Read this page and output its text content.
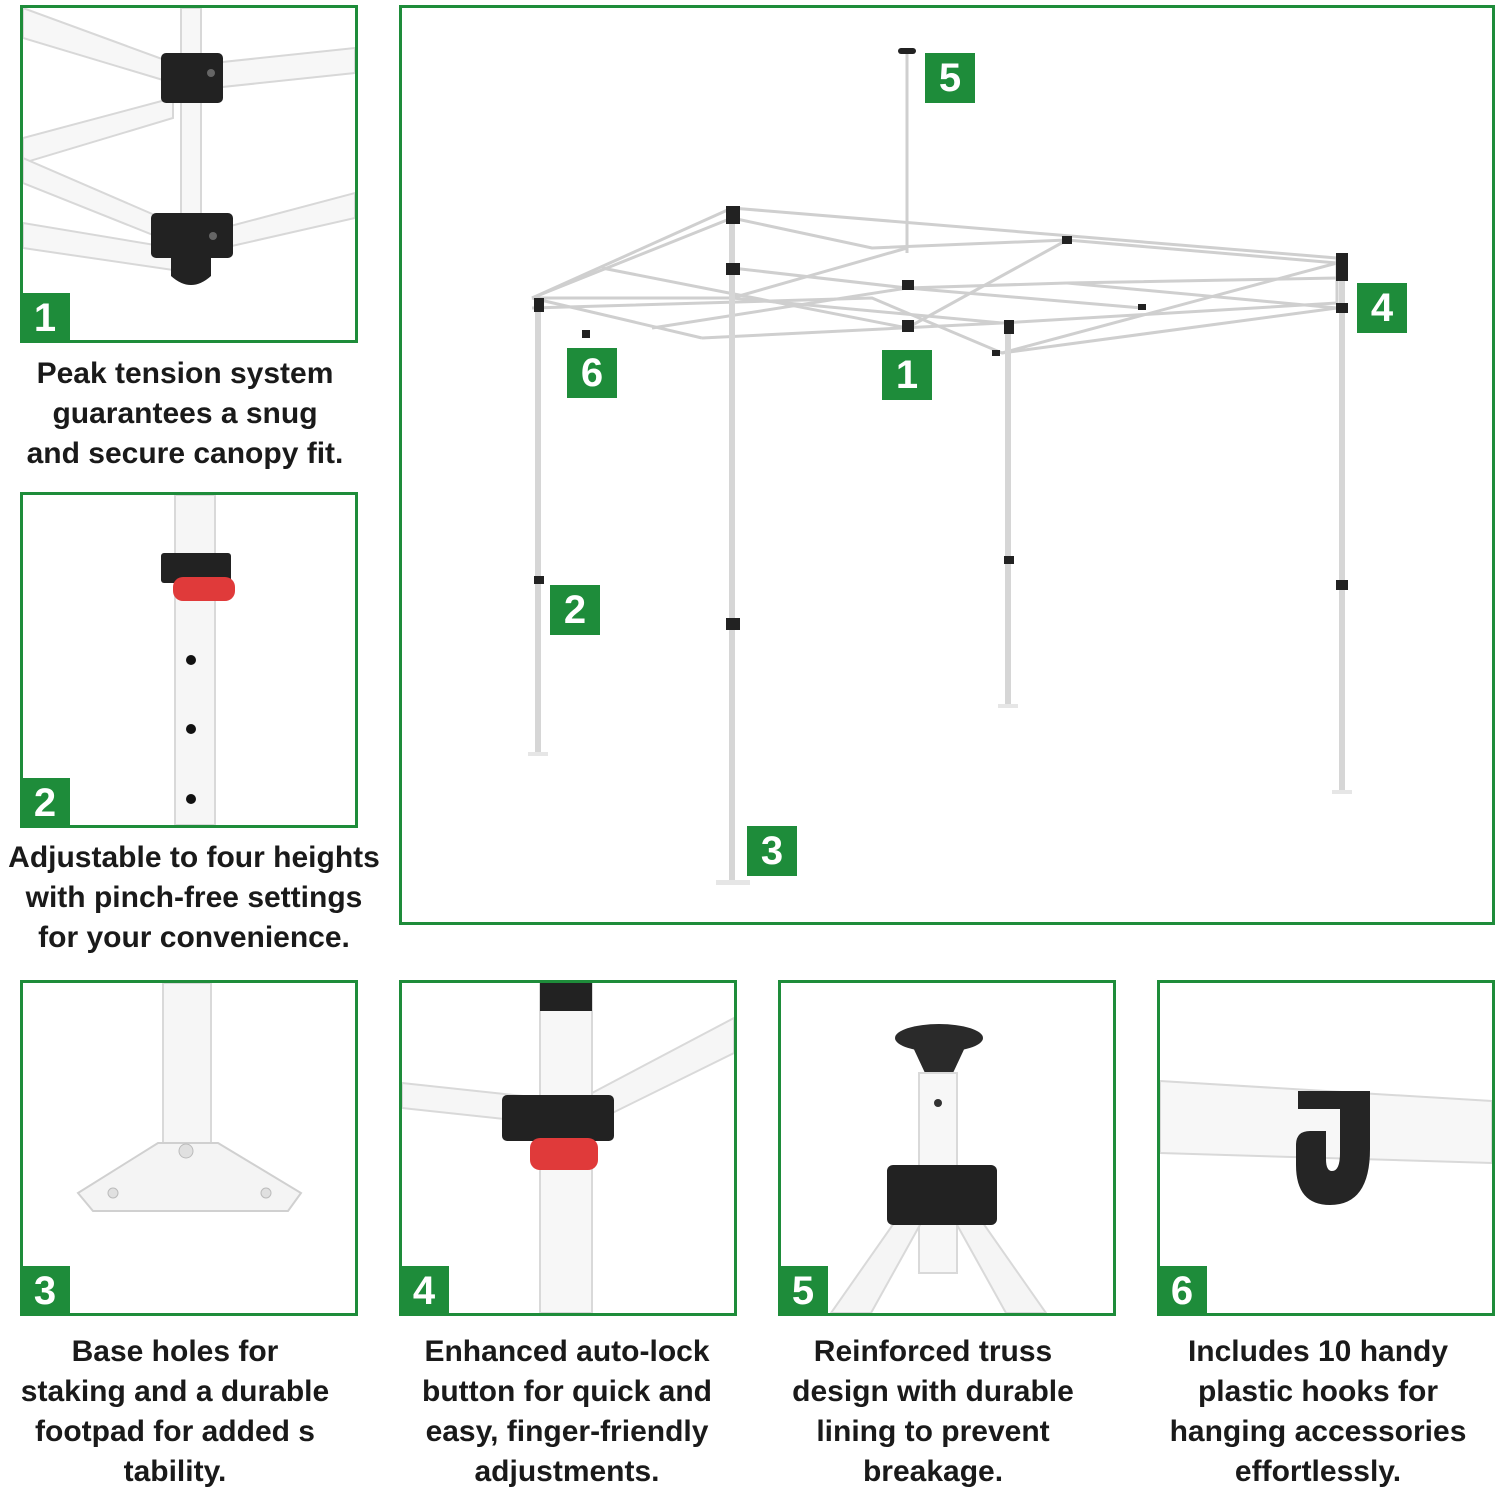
1
Peak tension system
guarantees a snug
and secure canopy fit.
2
Adjustable to four heights
with pinch-free settings
for your convenience.
5
4
6	1
2
3
3
Base holes for
staking and a durable
footpad for added s
tability.
4
Enhanced auto-lock
button for quick and
easy, finger-friendly
adjustments.
5
Reinforced truss
design with durable
lining to prevent
breakage.
6
Includes 10 handy
plastic hooks for
hanging accessories
effortlessly.
